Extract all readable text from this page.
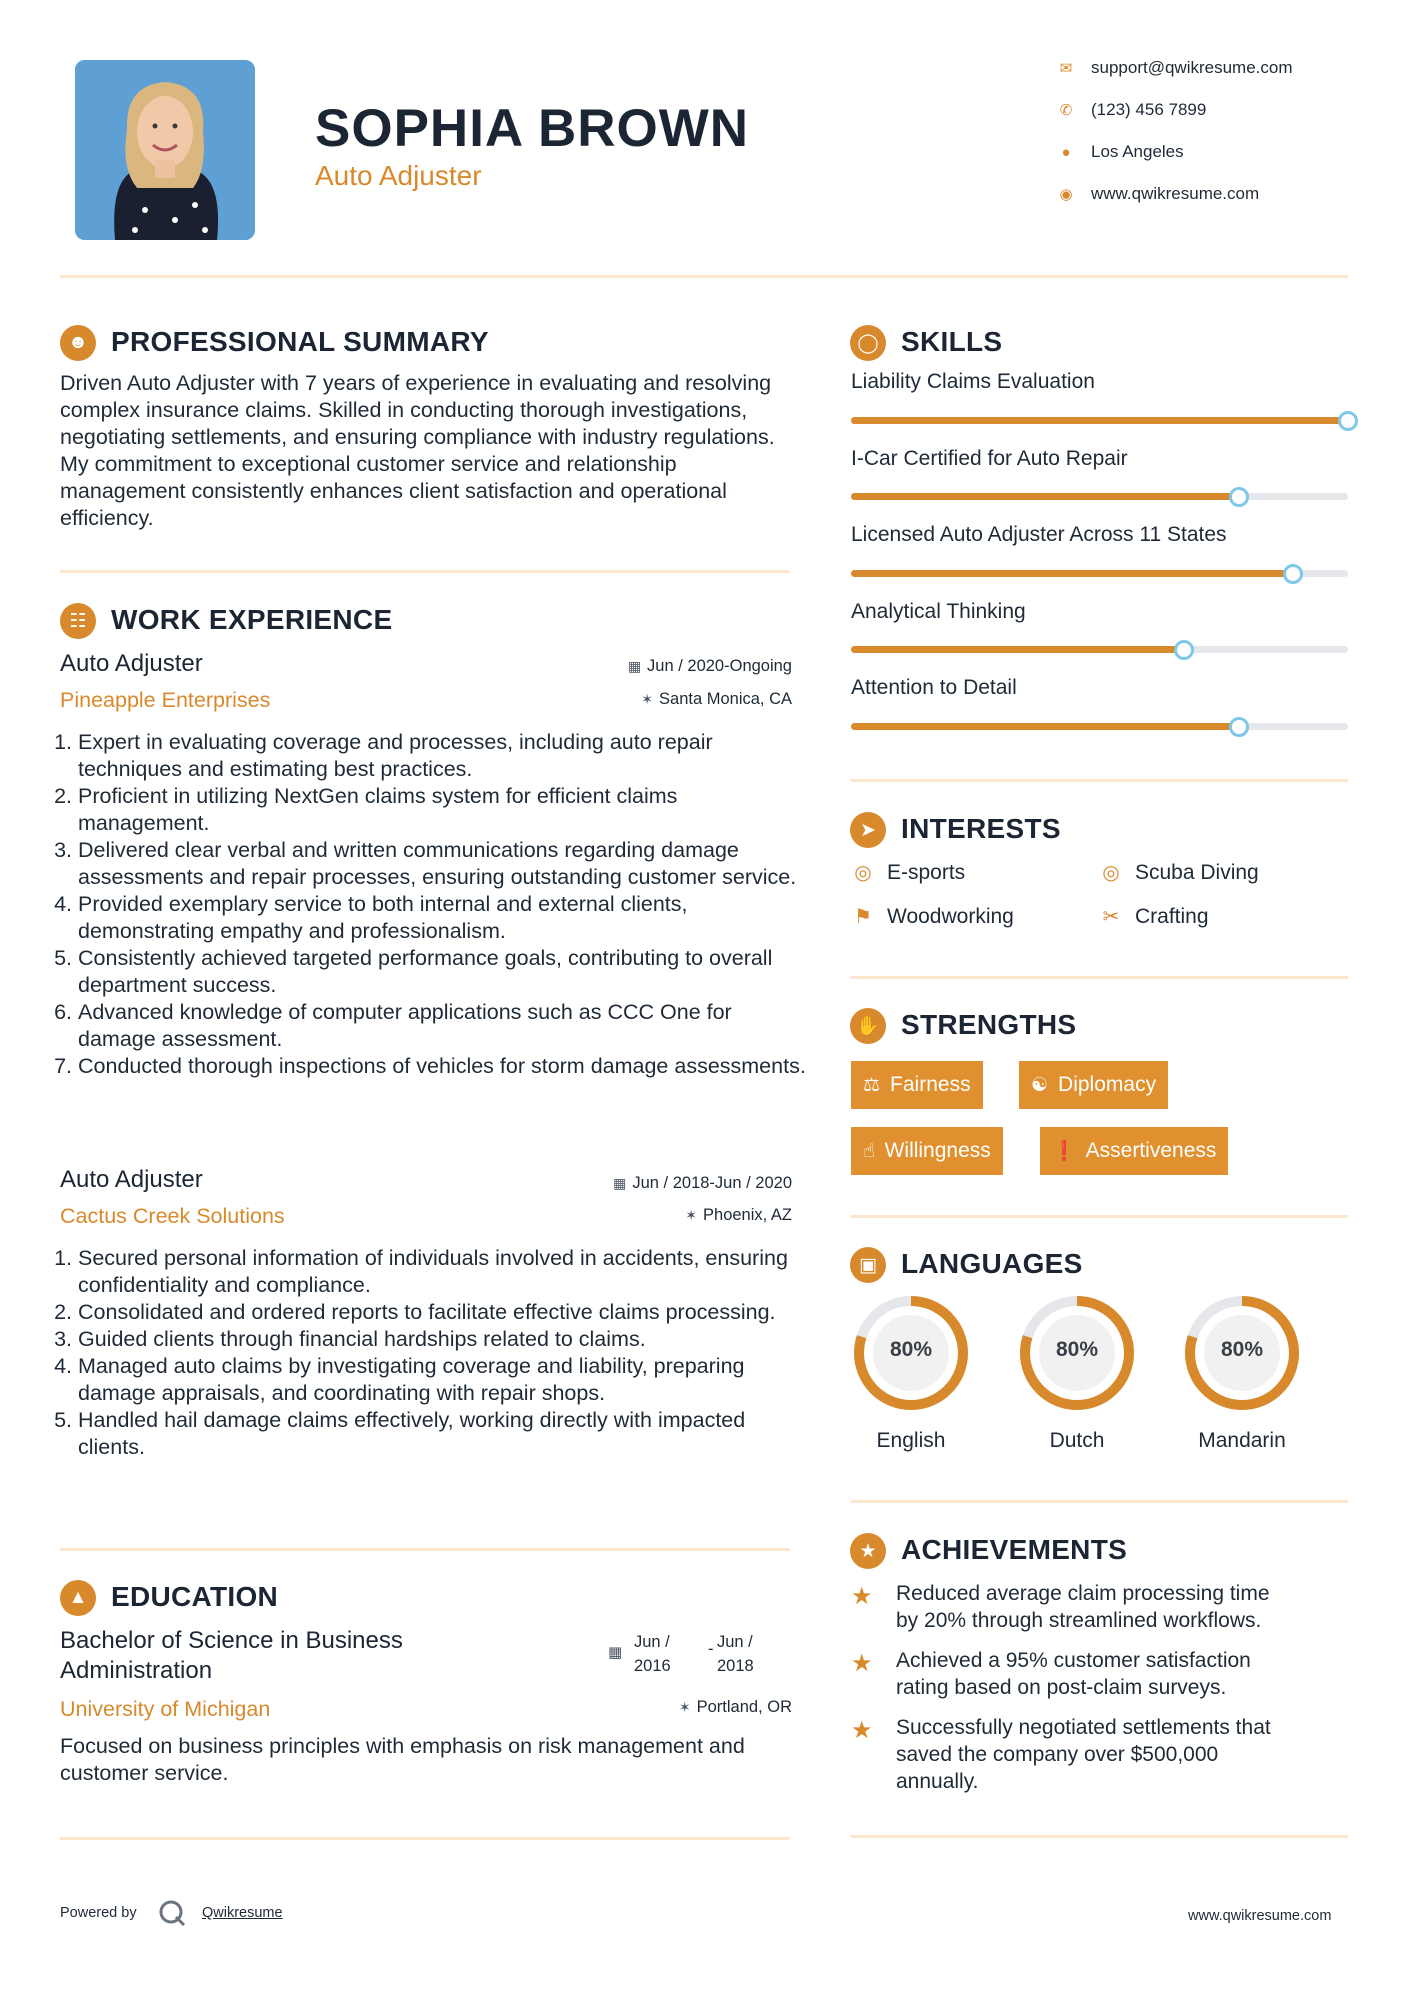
SOPHIA BROWN
Auto Adjuster
✉ support@qwikresume.com
✆ (123) 456 7899
● Los Angeles
◉ www.qwikresume.com
☻ PROFESSIONAL SUMMARY
Driven Auto Adjuster with 7 years of experience in evaluating and resolving complex insurance claims. Skilled in conducting thorough investigations, negotiating settlements, and ensuring compliance with industry regulations. My commitment to exceptional customer service and relationship management consistently enhances client satisfaction and operational efficiency.
☷ WORK EXPERIENCE
Auto Adjuster	▦ Jun / 2020-Ongoing
Pineapple Enterprises	✶ Santa Monica, CA
1. Expert in evaluating coverage and processes, including auto repair techniques and estimating best practices.
2. Proficient in utilizing NextGen claims system for efficient claims management.
3. Delivered clear verbal and written communications regarding damage assessments and repair processes, ensuring outstanding customer service.
4. Provided exemplary service to both internal and external clients, demonstrating empathy and professionalism.
5. Consistently achieved targeted performance goals, contributing to overall department success.
6. Advanced knowledge of computer applications such as CCC One for damage assessment.
7. Conducted thorough inspections of vehicles for storm damage assessments.
Auto Adjuster	▦ Jun / 2018-Jun / 2020
Cactus Creek Solutions	✶ Phoenix, AZ
1. Secured personal information of individuals involved in accidents, ensuring confidentiality and compliance.
2. Consolidated and ordered reports to facilitate effective claims processing.
3. Guided clients through financial hardships related to claims.
4. Managed auto claims by investigating coverage and liability, preparing damage appraisals, and coordinating with repair shops.
5. Handled hail damage claims effectively, working directly with impacted clients.
▲ EDUCATION
Bachelor of Science in Business
Administration
▦
Jun /
2016
- Jun /
2018
University of Michigan	✶ Portland, OR
Focused on business principles with emphasis on risk management and customer service.
◯ SKILLS
Liability Claims Evaluation
I-Car Certified for Auto Repair
Licensed Auto Adjuster Across 11 States
Analytical Thinking
Attention to Detail
➤ INTERESTS
◎ E-sports	◎ Scuba Diving
⚑ Woodworking	✂ Crafting
✋ STRENGTHS
⚖ Fairness	☯ Diplomacy
☝ Willingness	❗ Assertiveness
▣ LANGUAGES
80%
English
80%
Dutch
80%
Mandarin
★ ACHIEVEMENTS
★ Reduced average claim processing time
by 20% through streamlined workflows.
★ Achieved a 95% customer satisfaction
rating based on post-claim surveys.
★ Successfully negotiated settlements that
saved the company over $500,000
annually.
Powered by	Qwikresume	www.qwikresume.com
